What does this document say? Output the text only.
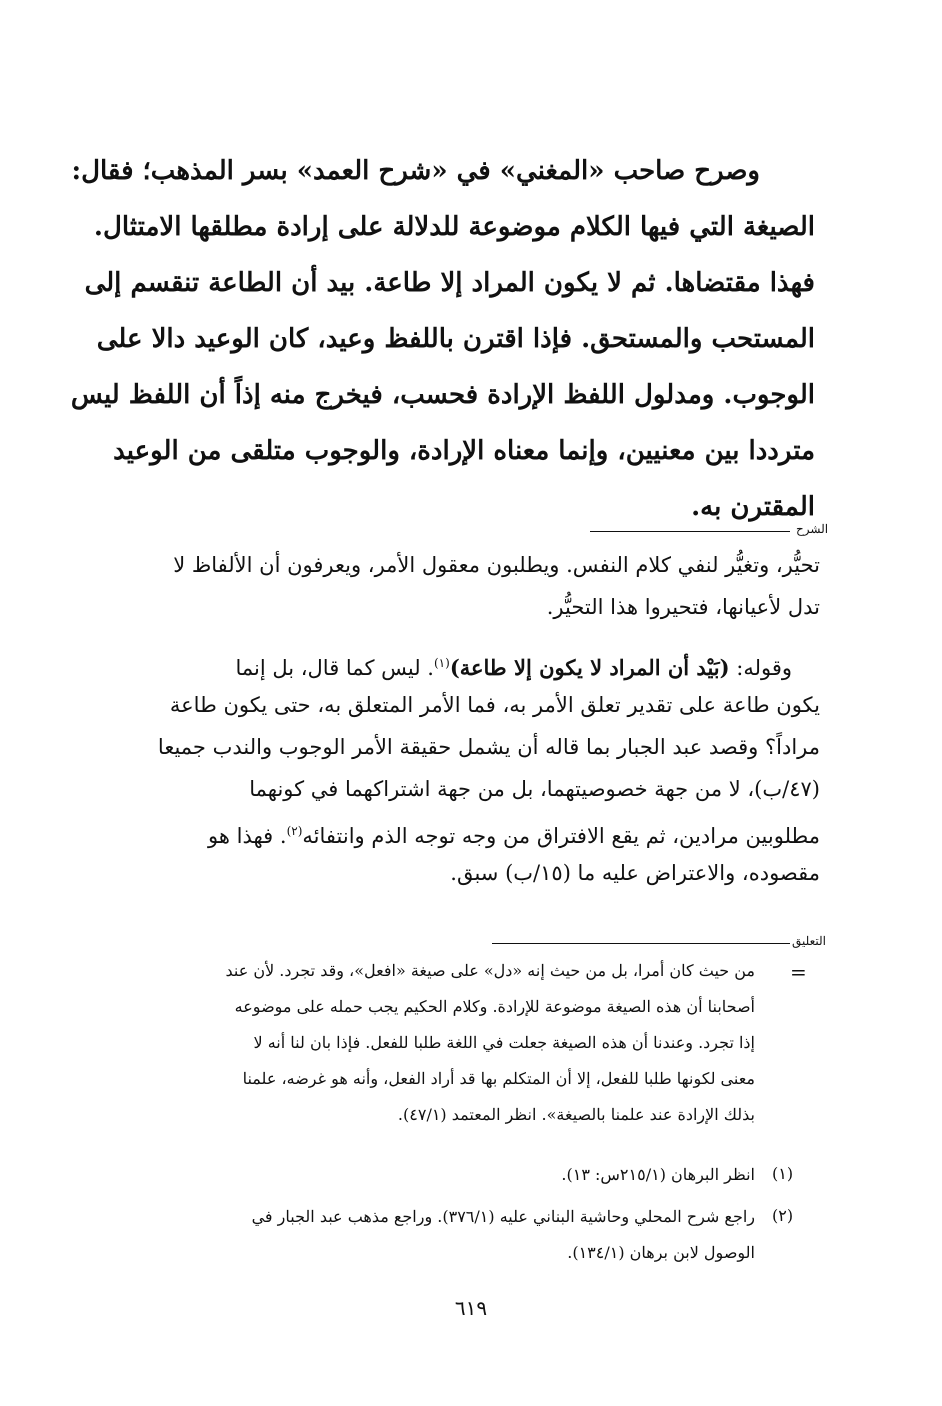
وصرح صاحب «المغني» في «شرح العمد» بسر المذهب؛ فقال:
الصيغة التي فيها الكلام موضوعة للدلالة على إرادة مطلقها الامتثال.
فهذا مقتضاها. ثم لا يكون المراد إلا طاعة. بيد أن الطاعة تنقسم إلى
المستحب والمستحق. فإذا اقترن باللفظ وعيد، كان الوعيد دالا على
الوجوب. ومدلول اللفظ الإرادة فحسب، فيخرج منه إذاً أن اللفظ ليس
مترددا بين معنيين، وإنما معناه الإرادة، والوجوب متلقى من الوعيد
المقترن به.
الشرح
تحيُّر، وتغيُّر لنفي كلام النفس. ويطلبون معقول الأمر، ويعرفون أن الألفاظ لا
تدل لأعيانها، فتحيروا هذا التحيُّر.
وقوله: (بَيْد أن المراد لا يكون إلا طاعة)$^{(١)}$. ليس كما قال، بل إنما
يكون طاعة على تقدير تعلق الأمر به، فما الأمر المتعلق به، حتى يكون طاعة
مراداً؟ وقصد عبد الجبار بما قاله أن يشمل حقيقة الأمر الوجوب والندب جميعا
(٤٧/ب)، لا من جهة خصوصيتهما، بل من جهة اشتراكهما في كونهما
مطلوبين مرادين، ثم يقع الافتراق من وجه توجه الذم وانتفائه$^{(٢)}$. فهذا هو
مقصوده، والاعتراض عليه ما (١٥/ب) سبق.
التعليق
=
من حيث كان أمرا، بل من حيث إنه «دل» على صيغة «افعل»، وقد تجرد. لأن عند
أصحابنا أن هذه الصيغة موضوعة للإرادة. وكلام الحكيم يجب حمله على موضوعه
إذا تجرد. وعندنا أن هذه الصيغة جعلت في اللغة طلبا للفعل. فإذا بان لنا أنه لا
معنى لكونها طلبا للفعل، إلا أن المتكلم بها قد أراد الفعل، وأنه هو غرضه، علمنا
بذلك الإرادة عند علمنا بالصيغة». انظر المعتمد (٤٧/١).
(١)
انظر البرهان (٢١٥/١س: ١٣).
(٢)
راجع شرح المحلي وحاشية البناني عليه (٣٧٦/١). وراجع مذهب عبد الجبار في
الوصول لابن برهان (١٣٤/١).
٦١٩
